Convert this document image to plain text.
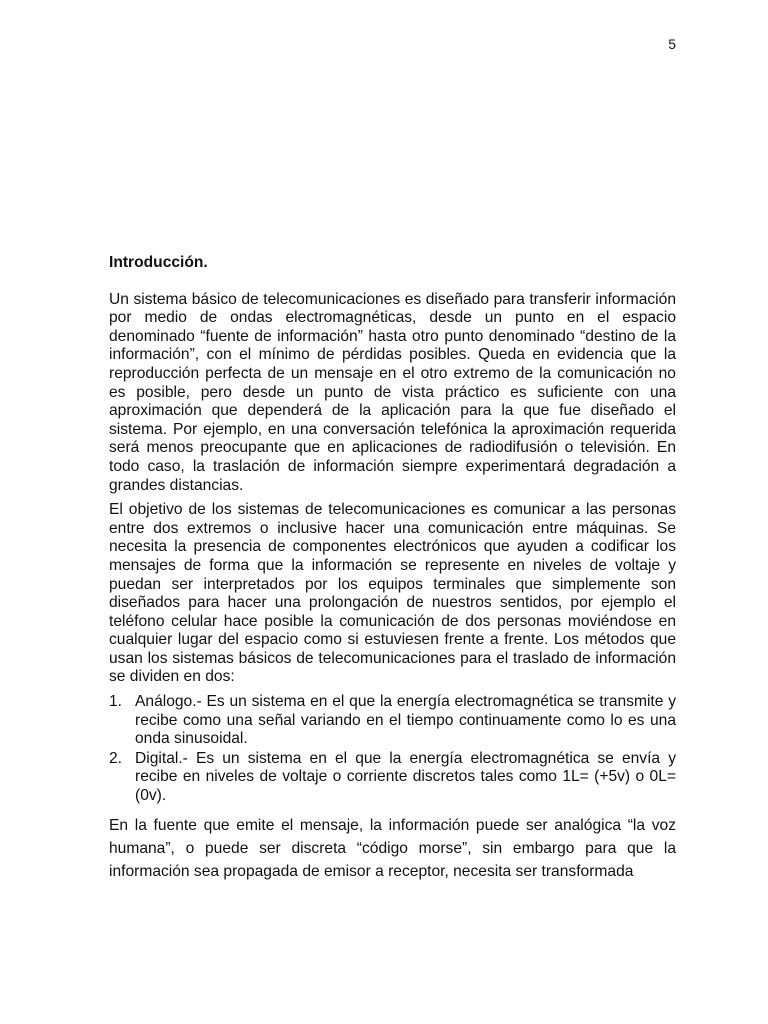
5
Introducción.

Un sistema básico de telecomunicaciones es diseñado para transferir información por medio de ondas electromagnéticas, desde un punto en el espacio denominado “fuente de información” hasta otro punto denominado “destino de la información”, con el mínimo de pérdidas posibles. Queda en evidencia que la reproducción perfecta de un mensaje en el otro extremo de la comunicación no es posible, pero desde un punto de vista práctico es suficiente con una aproximación que dependerá de la aplicación para la que fue diseñado el sistema. Por ejemplo, en una conversación telefónica la aproximación requerida será menos preocupante que en aplicaciones de radiodifusión o televisión. En todo caso, la traslación de información siempre experimentará degradación a grandes distancias.

El objetivo de los sistemas de telecomunicaciones es comunicar a las personas entre dos extremos o inclusive hacer una comunicación entre máquinas. Se necesita la presencia de componentes electrónicos que ayuden a codificar los mensajes de forma que la información se represente en niveles de voltaje y puedan ser interpretados por los equipos terminales que simplemente son diseñados para hacer una prolongación de nuestros sentidos, por ejemplo el teléfono celular hace posible la comunicación de dos personas moviéndose en cualquier lugar del espacio como si estuviesen frente a frente. Los métodos que usan los sistemas básicos de telecomunicaciones para el traslado de información se dividen en dos:

1. Análogo.- Es un sistema en el que la energía electromagnética se transmite y recibe como una señal variando en el tiempo continuamente como lo es una onda sinusoidal.
2. Digital.- Es un sistema en el que la energía electromagnética se envía y recibe en niveles de voltaje o corriente discretos tales como 1L= (+5v) o 0L= (0v).

En la fuente que emite el mensaje, la información puede ser analógica “la voz humana”, o puede ser discreta “código morse”, sin embargo para que la información sea propagada de emisor a receptor, necesita ser transformada
